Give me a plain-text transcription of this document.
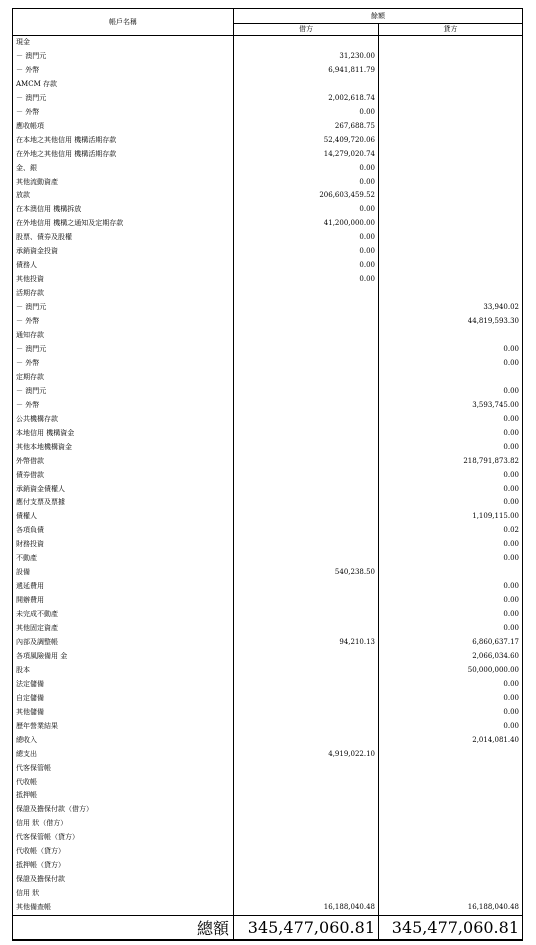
帳戶名稱	餘額	
	借方	貸方
現金		
－ 澳門元	31,230.00	
－ 外幣	6,941,811.79	
AMCM 存款		
－ 澳門元	2,002,618.74	
－ 外幣	0.00	
應收帳項	267,688.75	
在本地之其他信用 機構活期存款	52,409,720.06	
在外地之其他信用 機構活期存款	14,279,020.74	
金、銀	0.00	
其他流動資產	0.00	
放款	206,603,459.52	
在本澳信用 機構拆放	0.00	
在外地信用 機構之通知及定期存款	41,200,000.00	
股票、債券及股權	0.00	
承銷資金投資	0.00	
債務人	0.00	
其他投資	0.00	
活期存款		
－ 澳門元		33,940.02
－ 外幣		44,819,593.30
通知存款		
－ 澳門元		0.00
－ 外幣		0.00
定期存款		
－ 澳門元		0.00
－ 外幣		3,593,745.00
公共機構存款		0.00
本地信用 機構資金		0.00
其他本地機構資金		0.00
外幣借款		218,791,873.82
債券借款		0.00
承銷資金債權人		0.00
應付支票及票據		0.00
債權人		1,109,115.00
各項負債		0.02
財務投資		0.00
不動產		0.00
設備	540,238.50	
遞延費用		0.00
開辦費用		0.00
未完成不動產		0.00
其他固定資產		0.00
內部及調整帳	94,210.13	6,860,637.17
各項風險備用 金		2,066,034.60
股本		50,000,000.00
法定儲備		0.00
自定儲備		0.00
其他儲備		0.00
歷年營業結果		0.00
總收入		2,014,081.40
總支出	4,919,022.10	
代客保管帳		
代收帳		
抵押帳		
保證及擔保付款（借方）		
信用 狀（借方）		
代客保管帳（貸方）		
代收帳（貸方）		
抵押帳（貸方）		
保證及擔保付款		
信用 狀		
其他備查帳	16,188,040.48	16,188,040.48
總額	345,477,060.81	345,477,060.81
